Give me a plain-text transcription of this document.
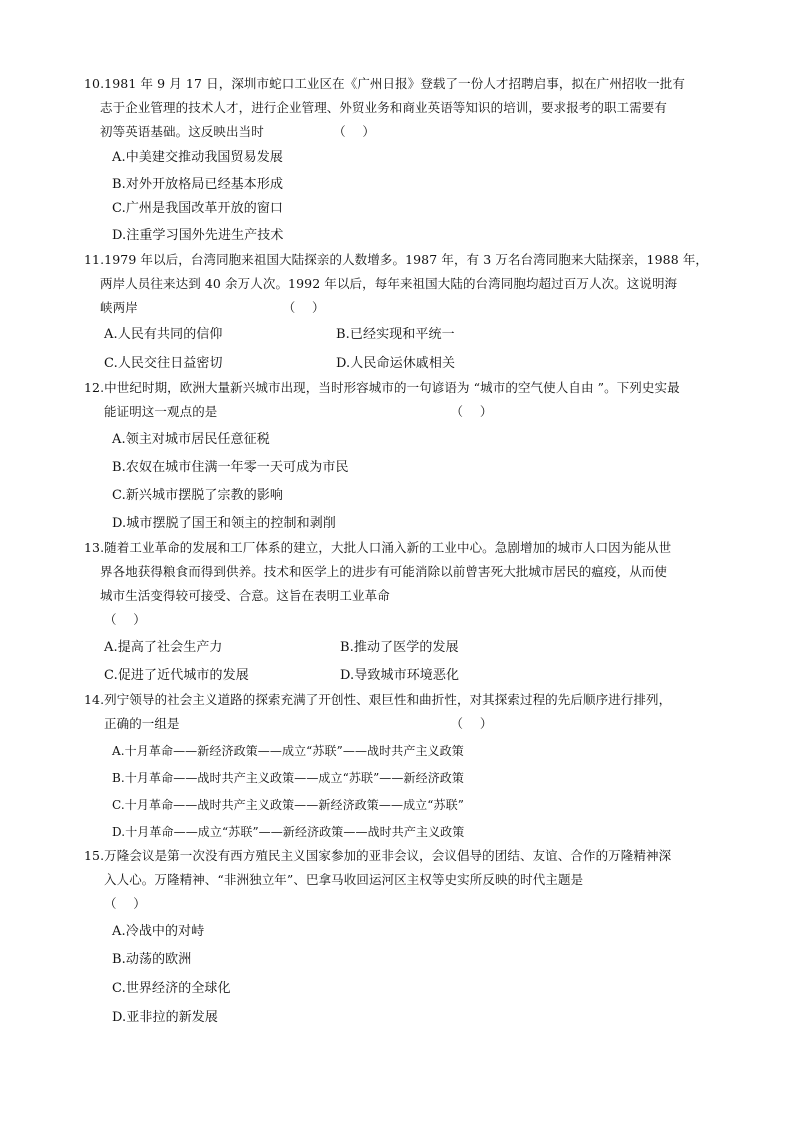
10.1981 年 9 月 17 日，深圳市蛇口工业区在《广州日报》登载了一份人才招聘启事，拟在广州招收一批有
志于企业管理的技术人才，进行企业管理、外贸业务和商业英语等知识的培训，要求报考的职工需要有
初等英语基础。这反映出当时　　　　　　（　 ）
A.中美建交推动我国贸易发展
B.对外开放格局已经基本形成
C.广州是我国改革开放的窗口
D.注重学习国外先进生产技术
11.1979 年以后，台湾同胞来祖国大陆探亲的人数增多。1987 年，有 3 万名台湾同胞来大陆探亲，1988 年，
两岸人员往来达到 40 余万人次。1992 年以后，每年来祖国大陆的台湾同胞均超过百万人次。这说明海
峡两岸　　　　　　　　　　　　（　 ）
A.人民有共同的信仰	B.已经实现和平统一
C.人民交往日益密切	D.人民命运休戚相关
12.中世纪时期，欧洲大量新兴城市出现，当时形容城市的一句谚语为 “城市的空气使人自由 ”。下列史实最
能证明这一观点的是　　　　　　　　　　　　　　　　　　　（　 ）
A.领主对城市居民任意征税
B.农奴在城市住满一年零一天可成为市民
C.新兴城市摆脱了宗教的影响
D.城市摆脱了国王和领主的控制和剥削
13.随着工业革命的发展和工厂体系的建立，大批人口涌入新的工业中心。急剧增加的城市人口因为能从世
界各地获得粮食而得到供养。技术和医学上的进步有可能消除以前曾害死大批城市居民的瘟疫，从而使
城市生活变得较可接受、合意。这旨在表明工业革命
（　 ）
A.提高了社会生产力	B.推动了医学的发展
C.促进了近代城市的发展	D.导致城市环境恶化
14.列宁领导的社会主义道路的探索充满了开创性、艰巨性和曲折性，对其探索过程的先后顺序进行排列，
正确的一组是　　　　　　　　　　　　　　　　　　　　　　（　 ）
A.十月革命——新经济政策——成立“苏联”——战时共产主义政策
B.十月革命——战时共产主义政策——成立“苏联”——新经济政策
C.十月革命——战时共产主义政策——新经济政策——成立“苏联”
D.十月革命——成立“苏联”——新经济政策——战时共产主义政策
15.万隆会议是第一次没有西方殖民主义国家参加的亚非会议，会议倡导的团结、友谊、合作的万隆精神深
入人心。万隆精神、“非洲独立年”、巴拿马收回运河区主权等史实所反映的时代主题是
（　 ）
A.冷战中的对峙
B.动荡的欧洲
C.世界经济的全球化
D.亚非拉的新发展
